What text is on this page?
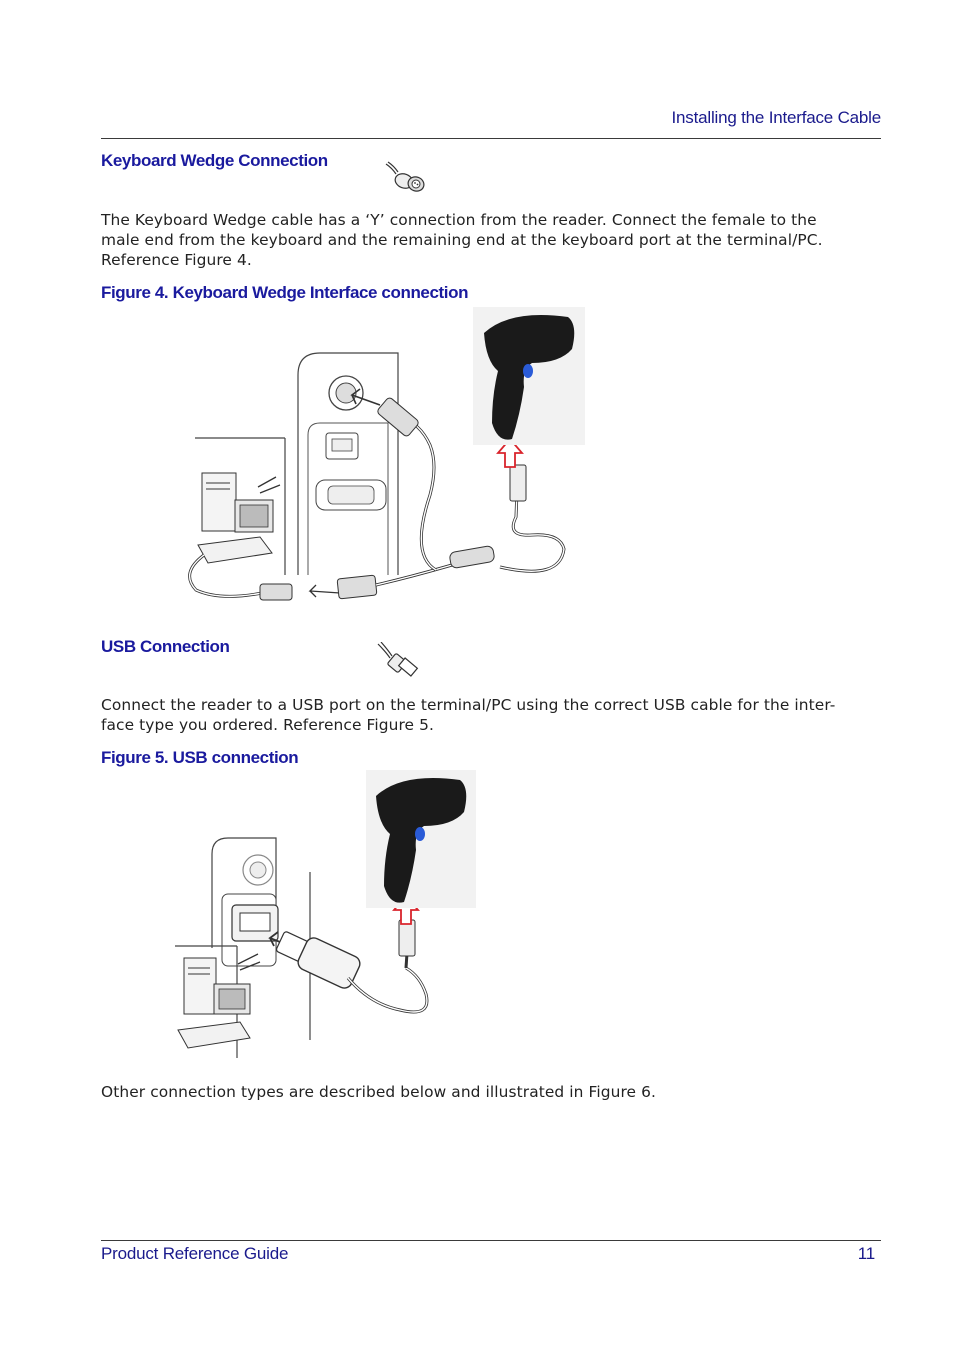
Installing the Interface Cable
Keyboard Wedge Connection

The Keyboard Wedge cable has a ‘Y’ connection from the reader. Connect the female to the

male end from the keyboard and the remaining end at the keyboard port at the terminal/PC.

Reference Figure 4.

Figure 4. Keyboard Wedge Interface connection
USB Connection

Connect the reader to a USB port on the terminal/PC using the correct USB cable for the inter-

face type you ordered. Reference Figure 5.

Figure 5. USB connection
Other connection types are described below and illustrated in Figure 6.
Product Reference Guide	11
